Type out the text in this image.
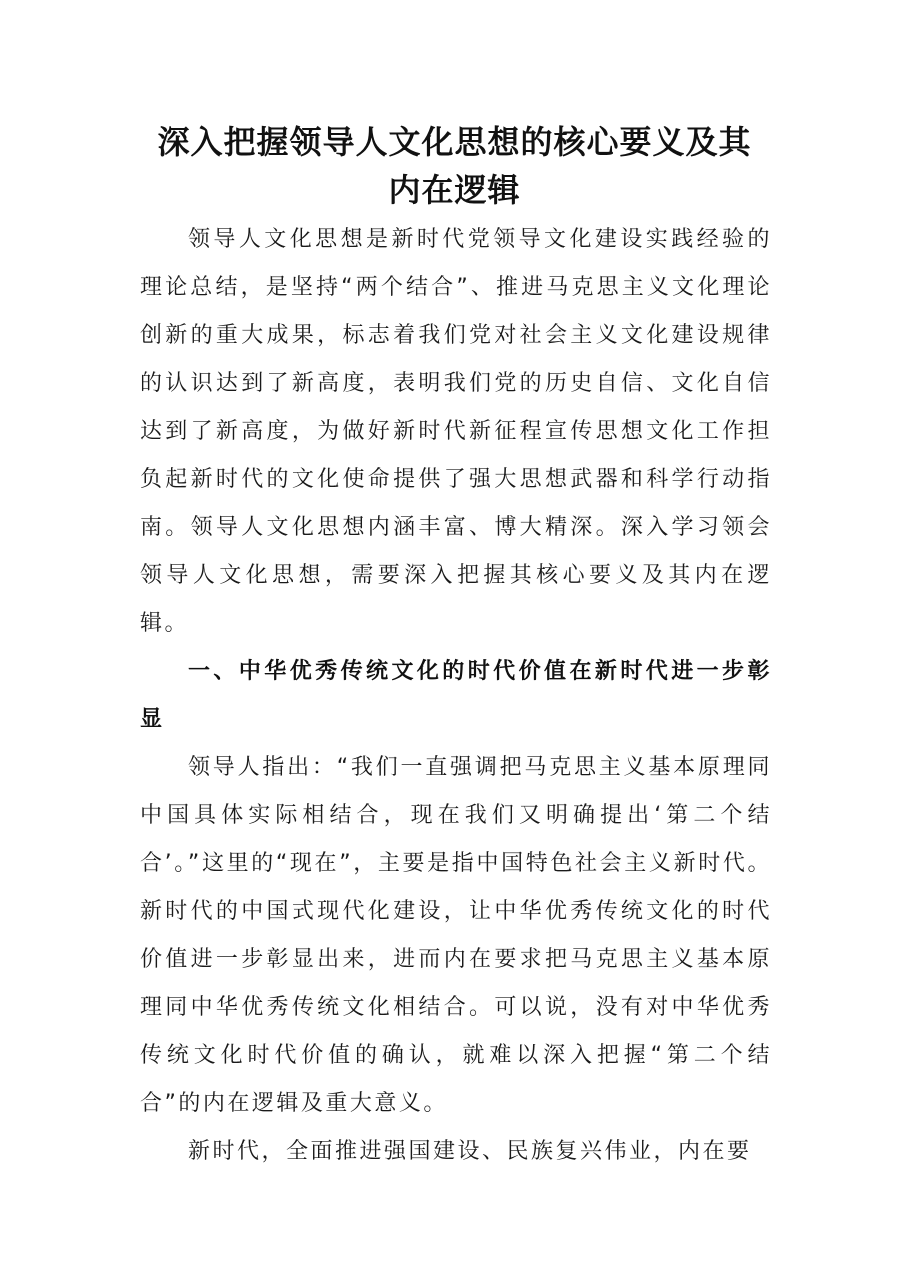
深入把握领导人文化思想的核心要义及其
内在逻辑

领导人文化思想是新时代党领导文化建设实践经验的理论总结，是坚持“两个结合”、推进马克思主义文化理论创新的重大成果，标志着我们党对社会主义文化建设规律的认识达到了新高度，表明我们党的历史自信、文化自信达到了新高度，为做好新时代新征程宣传思想文化工作担负起新时代的文化使命提供了强大思想武器和科学行动指南。领导人文化思想内涵丰富、博大精深。深入学习领会领导人文化思想，需要深入把握其核心要义及其内在逻辑。

一、中华优秀传统文化的时代价值在新时代进一步彰显

领导人指出：“我们一直强调把马克思主义基本原理同中国具体实际相结合，现在我们又明确提出‘第二个结合’。”这里的“现在”，主要是指中国特色社会主义新时代。新时代的中国式现代化建设，让中华优秀传统文化的时代价值进一步彰显出来，进而内在要求把马克思主义基本原理同中华优秀传统文化相结合。可以说，没有对中华优秀传统文化时代价值的确认，就难以深入把握“第二个结合”的内在逻辑及重大意义。

新时代，全面推进强国建设、民族复兴伟业，内在要
